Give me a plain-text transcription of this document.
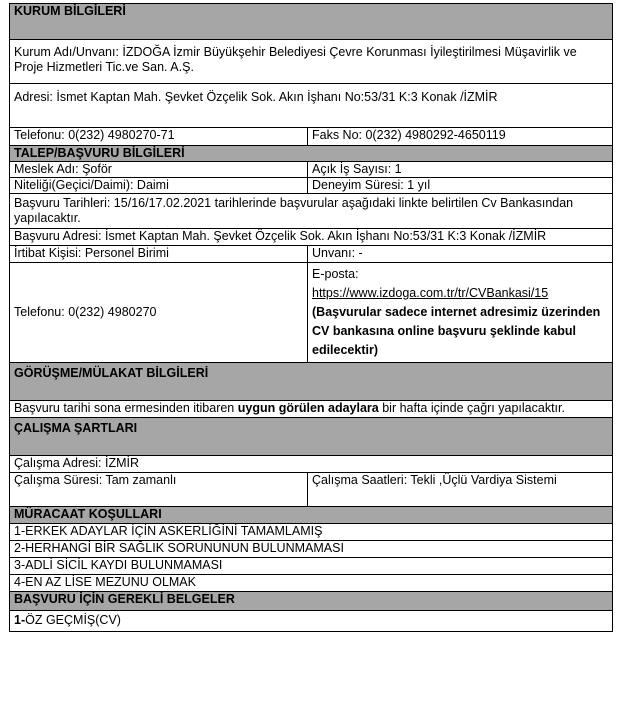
KURUM BİLGİLERİ	
Kurum Adı/Unvanı: İZDOĞA İzmir Büyükşehir Belediyesi Çevre Korunması İyileştirilmesi Müşavirlik ve Proje Hizmetleri Tic.ve San. A.Ş.	
Adresi: İsmet Kaptan Mah. Şevket Özçelik Sok. Akın İşhanı No:53/31 K:3 Konak /İZMİR	
Telefonu: 0(232) 4980270-71	Faks No: 0(232) 4980292-4650119
TALEP/BAŞVURU BİLGİLERİ	
Meslek Adı: Şoför	Açık İş Sayısı: 1
Niteliği(Geçici/Daimi): Daimi	Deneyim Süresi: 1 yıl
Başvuru Tarihleri: 15/16/17.02.2021 tarihlerinde başvurular aşağıdaki linkte belirtilen Cv Bankasından yapılacaktır.	
Başvuru Adresi: İsmet Kaptan Mah. Şevket Özçelik Sok. Akın İşhanı No:53/31 K:3 Konak /İZMİR	
İrtibat Kişisi: Personel Birimi	Unvanı: -
Telefonu: 0(232) 4980270	E-posta:
https://www.izdoga.com.tr/tr/CVBankasi/15
(Başvurular sadece internet adresimiz üzerinden CV bankasına online başvuru şeklinde kabul edilecektir)

GÖRÜŞME/MÜLAKAT BİLGİLERİ	
Başvuru tarihi sona ermesinden itibaren uygun görülen adaylara bir hafta içinde çağrı yapılacaktır.	
ÇALIŞMA ŞARTLARI	
Çalışma Adresi: İZMİR	
Çalışma Süresi: Tam zamanlı	Çalışma Saatleri: Tekli ,Üçlü Vardiya Sistemi
MÜRACAAT KOŞULLARI	
1-ERKEK ADAYLAR İÇİN ASKERLİĞİNİ TAMAMLAMIŞ	
2-HERHANGİ BİR SAĞLIK SORUNUNUN BULUNMAMASI	
3-ADLİ SİCİL KAYDI BULUNMAMASI	
4-EN AZ LİSE MEZUNU OLMAK	
BAŞVURU İÇİN GEREKLİ BELGELER	
1-ÖZ GEÇMİŞ(CV)	
